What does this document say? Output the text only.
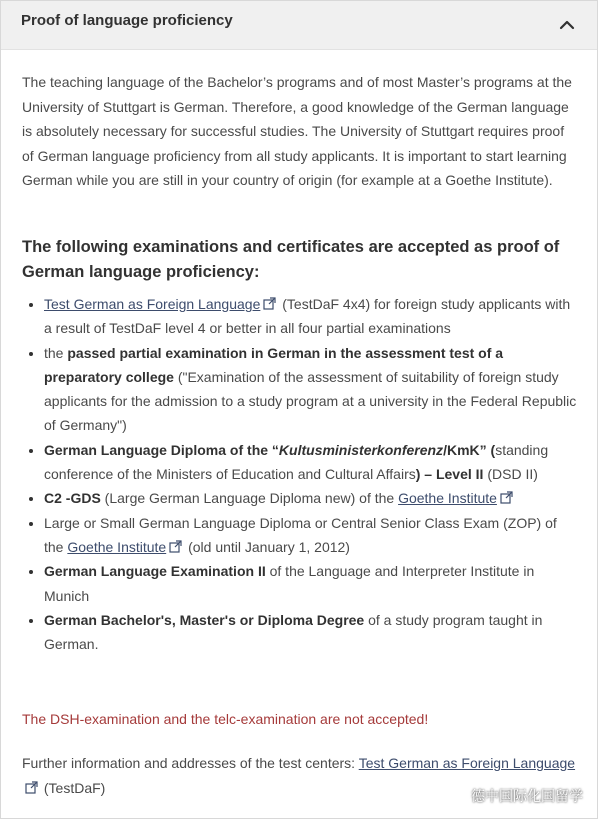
Proof of language proficiency

The teaching language of the Bachelor’s programs and of most Master’s programs at the University of Stuttgart is German. Therefore, a good knowledge of the German language is absolutely necessary for successful studies. The University of Stuttgart requires proof of German language proficiency from all study applicants. It is important to start learning German while you are still in your country of origin (for example at a Goethe Institute).

The following examinations and certificates are accepted as proof of German language proficiency:
• Test German as Foreign Language (TestDaF 4x4) for foreign study applicants with a result of TestDaF level 4 or better in all four partial examinations
• the passed partial examination in German in the assessment test of a preparatory college ("Examination of the assessment of suitability of foreign study applicants for the admission to a study program at a university in the Federal Republic of Germany")
• German Language Diploma of the “Kultusministerkonferenz/KmK” (standing conference of the Ministers of Education and Cultural Affairs) – Level II (DSD II)
• C2 -GDS (Large German Language Diploma new) of the Goethe Institute
• Large or Small German Language Diploma or Central Senior Class Exam (ZOP) of the Goethe Institute (old until January 1, 2012)
• German Language Examination II of the Language and Interpreter Institute in Munich
• German Bachelor's, Master's or Diploma Degree of a study program taught in German.

The DSH-examination and the telc-examination are not accepted!

Further information and addresses of the test centers: Test German as Foreign Language (TestDaF)

德中国际化国留学
